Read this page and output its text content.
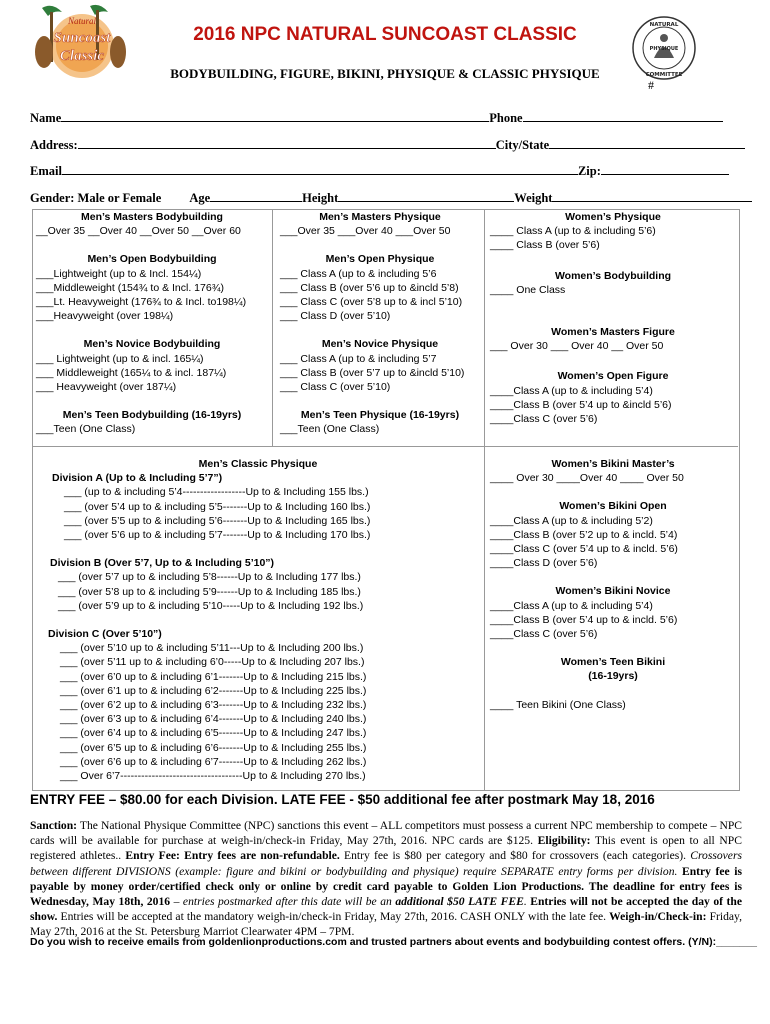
Natural
Suncoast
Classic
NATURAL
PHYSIQUE
COMMITTEE
2016 NPC NATURAL SUNCOAST CLASSIC
BODYBUILDING, FIGURE, BIKINI, PHYSIQUE & CLASSIC PHYSIQUE
#
Name	Phone
Address:	City/State
Email	Zip:
Gender: Male or Female Age	Height	Weight
Men’s Masters Bodybuilding
__Over 35 __Over 40 __Over 50 __Over 60
Men’s Open Bodybuilding
___Lightweight (up to & Incl. 154¼)
___Middleweight (154¾ to & Incl. 176¾)
___Lt. Heavyweight (176¾ to & Incl. to198¼)
___Heavyweight (over 198¼)
Men’s Novice Bodybuilding
___ Lightweight (up to & incl. 165¼)
___ Middleweight (165¼ to & incl. 187¼)
___ Heavyweight (over 187¼)
Men’s Teen Bodybuilding (16-19yrs)
___Teen (One Class)
Men’s Masters Physique
___Over 35 ___Over 40 ___Over 50
Men’s Open Physique
___ Class A (up to & including 5’6
___ Class B (over 5’6 up to &incld 5’8)
___ Class C (over 5’8 up to & incl 5’10)
___ Class D (over 5’10)
Men’s Novice Physique
___ Class A (up to & including 5’7
___ Class B (over 5’7 up to &incld 5’10)
___ Class C (over 5’10)
Men’s Teen Physique (16-19yrs)
___Teen (One Class)
Women’s Physique
____ Class A (up to & including 5’6)
____ Class B (over 5’6)
Women’s Bodybuilding
____ One Class
Women’s Masters Figure
___ Over 30 ___ Over 40 __ Over 50
Women’s Open Figure
____Class A (up to & including 5’4)
____Class B (over 5’4 up to &incld 5’6)
____Class C (over 5’6)
Men’s Classic Physique
Division A (Up to & Including 5’7”)
___ (up to & including 5’4------------------Up to & Including 155 lbs.)
___ (over 5’4 up to & including 5’5-------Up to & Including 160 lbs.)
___ (over 5’5 up to & including 5’6-------Up to & Including 165 lbs.)
___ (over 5’6 up to & including 5’7-------Up to & Including 170 lbs.)
Division B (Over 5’7, Up to & Including 5’10”)
___ (over 5’7 up to & including 5’8------Up to & Including 177 lbs.)
___ (over 5’8 up to & including 5’9------Up to & Including 185 lbs.)
___ (over 5’9 up to & including 5’10-----Up to & Including 192 lbs.)
Division C (Over 5’10”)
___ (over 5’10 up to & including 5’11---Up to & Including 200 lbs.)
___ (over 5’11 up to & including 6’0-----Up to & Including 207 lbs.)
___ (over 6’0 up to & including 6’1-------Up to & Including 215 lbs.)
___ (over 6’1 up to & including 6’2-------Up to & Including 225 lbs.)
___ (over 6’2 up to & including 6’3-------Up to & Including 232 lbs.)
___ (over 6’3 up to & including 6’4-------Up to & Including 240 lbs.)
___ (over 6’4 up to & including 6’5-------Up to & Including 247 lbs.)
___ (over 6’5 up to & including 6’6-------Up to & Including 255 lbs.)
___ (over 6’6 up to & including 6’7-------Up to & Including 262 lbs.)
___ Over 6’7-----------------------------------Up to & Including 270 lbs.)
Women’s Bikini Master’s
____ Over 30 ____Over 40 ____ Over 50
Women’s Bikini Open
____Class A (up to & including 5’2)
____Class B (over 5’2 up to & incld. 5’4)
____Class C (over 5’4 up to & incld. 5’6)
____Class D (over 5’6)
Women’s Bikini Novice
____Class A (up to & including 5’4)
____Class B (over 5’4 up to & incld. 5’6)
____Class C (over 5’6)
Women’s Teen Bikini
(16-19yrs)
____ Teen Bikini (One Class)
ENTRY FEE – $80.00 for each Division. LATE FEE - $50 additional fee after postmark May 18, 2016
Sanction: The National Physique Committee (NPC) sanctions this event – ALL competitors must possess a current NPC membership to compete – NPC cards will be available for purchase at weigh-in/check-in Friday, May 27th, 2016. NPC cards are $125. Eligibility: This event is open to all NPC registered athletes.. Entry Fee: Entry fees are non-refundable. Entry fee is $80 per category and $80 for crossovers (each categories). Crossovers between different DIVISIONS (example: figure and bikini or bodybuilding and physique) require SEPARATE entry forms per division. Entry fee is payable by money order/certified check only or online by credit card payable to Golden Lion Productions. The deadline for entry fees is Wednesday, May 18th, 2016 – entries postmarked after this date will be an additional $50 LATE FEE. Entries will not be accepted the day of the show. Entries will be accepted at the mandatory weigh-in/check-in Friday, May 27th, 2016. CASH ONLY with the late fee. Weigh-in/Check-in: Friday, May 27th, 2016 at the St. Petersburg Marriot Clearwater 4PM – 7PM.
Do you wish to receive emails from goldenlionproductions.com and trusted partners about events and bodybuilding contest offers. (Y/N):_______
